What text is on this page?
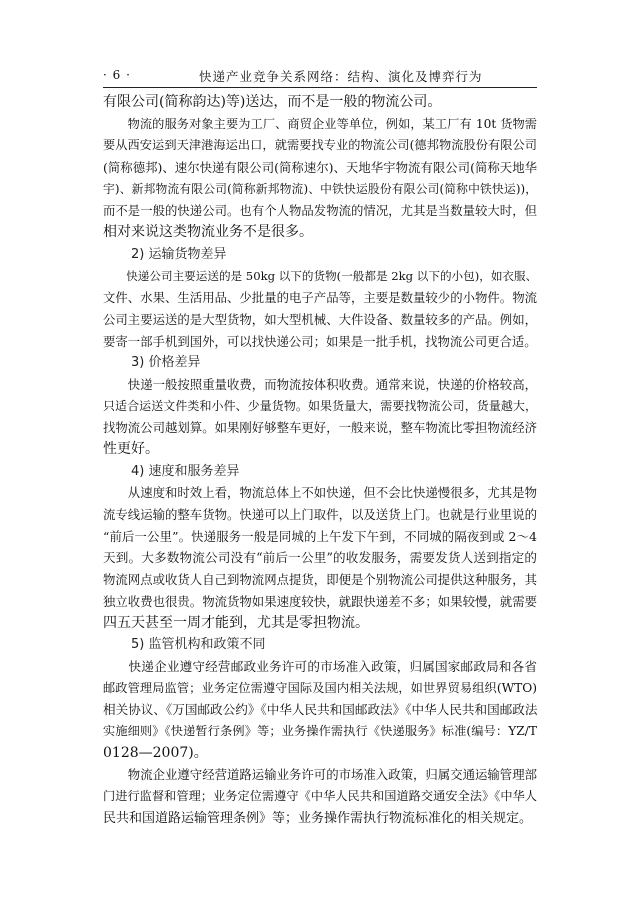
· 6 ·	快递产业竞争关系网络：结构、演化及博弈行为
有限公司(简称韵达)等)送达，而不是一般的物流公司。
　　物流的服务对象主要为工厂、商贸企业等单位，例如，某工厂有 10t 货物需
要从西安运到天津港海运出口，就需要找专业的物流公司(德邦物流股份有限公司
(简称德邦)、速尔快递有限公司(简称速尔)、天地华宇物流有限公司(简称天地华
宇)、新邦物流有限公司(简称新邦物流)、中铁快运股份有限公司(简称中铁快运))，
而不是一般的快递公司。也有个人物品发物流的情况，尤其是当数量较大时，但
相对来说这类物流业务不是很多。
2) 运输货物差异
　　快递公司主要运送的是 50kg 以下的货物(一般都是 2kg 以下的小包)，如衣服、
文件、水果、生活用品、少批量的电子产品等，主要是数量较少的小物件。物流
公司主要运送的是大型货物，如大型机械、大件设备、数量较多的产品。例如，
要寄一部手机到国外，可以找快递公司；如果是一批手机，找物流公司更合适。
3) 价格差异
　　快递一般按照重量收费，而物流按体积收费。通常来说，快递的价格较高，
只适合运送文件类和小件、少量货物。如果货量大，需要找物流公司，货量越大，
找物流公司越划算。如果刚好够整车更好，一般来说，整车物流比零担物流经济
性更好。
4) 速度和服务差异
　　从速度和时效上看，物流总体上不如快递，但不会比快递慢很多，尤其是物
流专线运输的整车货物。快递可以上门取件，以及送货上门。也就是行业里说的
“前后一公里”。快递服务一般是同城的上午发下午到，不同城的隔夜到或 2～4
天到。大多数物流公司没有“前后一公里”的收发服务，需要发货人送到指定的
物流网点或收货人自己到物流网点提货，即便是个别物流公司提供这种服务，其
独立收费也很贵。物流货物如果速度较快，就跟快递差不多；如果较慢，就需要
四五天甚至一周才能到，尤其是零担物流。
5) 监管机构和政策不同
　　快递企业遵守经营邮政业务许可的市场准入政策，归属国家邮政局和各省
邮政管理局监管；业务定位需遵守国际及国内相关法规，如世界贸易组织(WTO)
相关协议、《万国邮政公约》《中华人民共和国邮政法》《中华人民共和国邮政法
实施细则》《快递暂行条例》等；业务操作需执行《快递服务》标准(编号：YZ/T
0128—2007)。
　　物流企业遵守经营道路运输业务许可的市场准入政策，归属交通运输管理部
门进行监督和管理；业务定位需遵守《中华人民共和国道路交通安全法》《中华人
民共和国道路运输管理条例》等；业务操作需执行物流标准化的相关规定。
